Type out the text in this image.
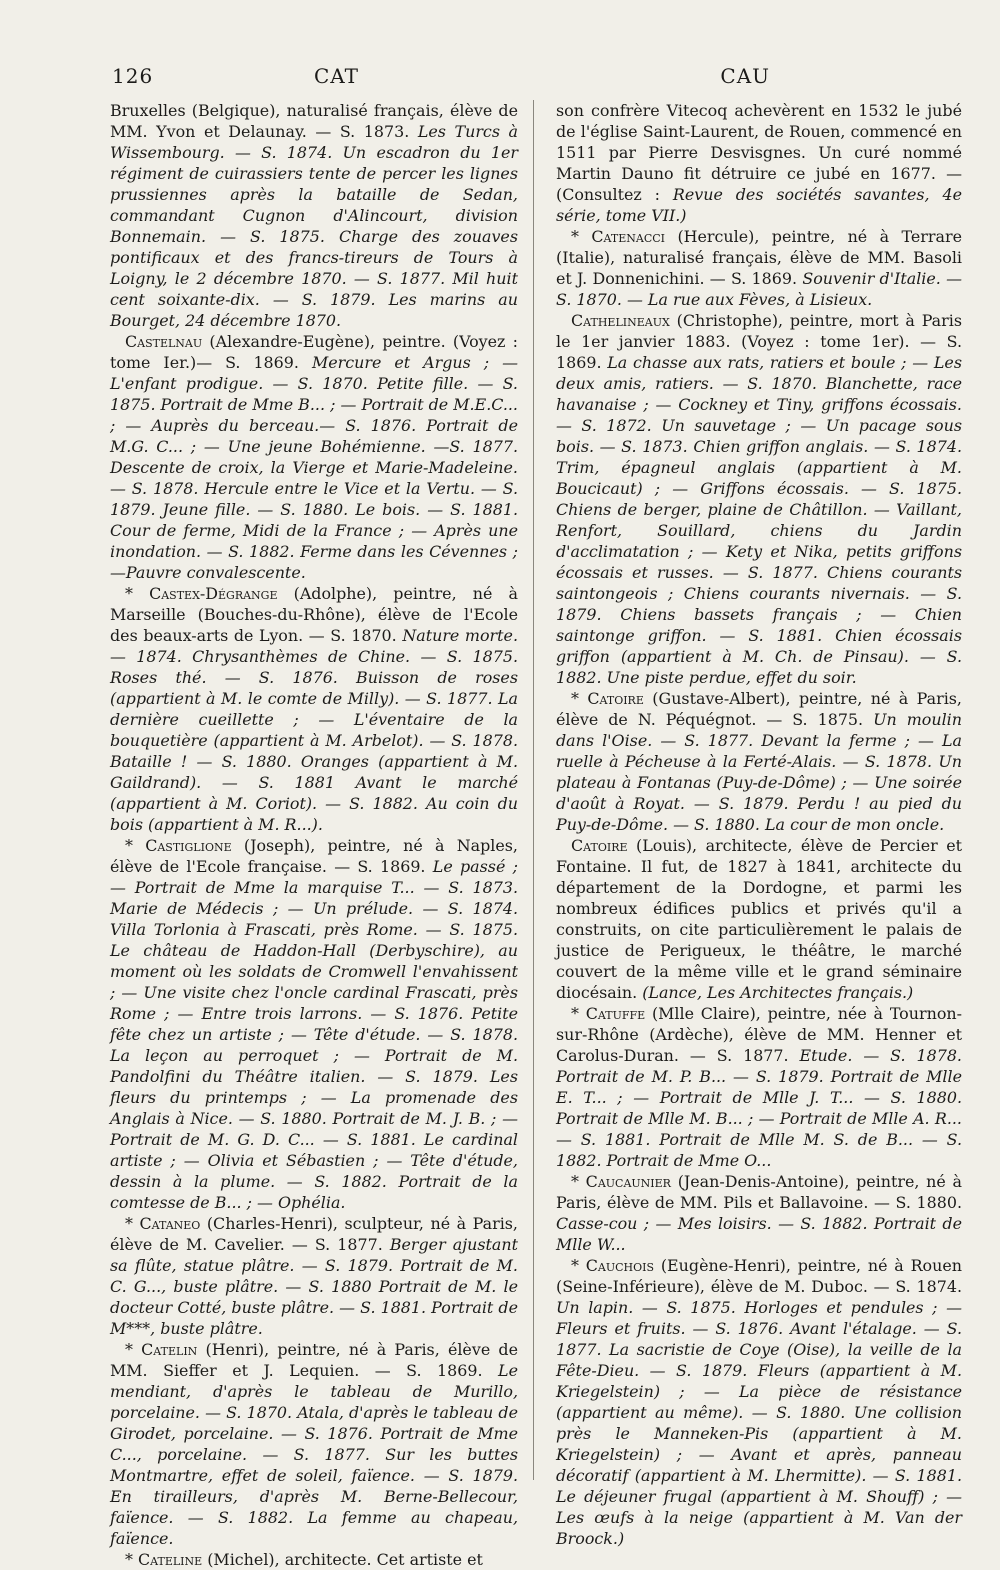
126	CAT	CAU

Bruxelles (Belgique), naturalisé français, élève de MM. Yvon et Delaunay. — S. 1873. Les Turcs à Wissembourg. — S. 1874. Un escadron du 1er régiment de cuirassiers tente de percer les lignes prussiennes après la bataille de Sedan, commandant Cugnon d'Alincourt, division Bonnemain. — S. 1875. Charge des zouaves pontificaux et des francs-tireurs de Tours à Loigny, le 2 décembre 1870. — S. 1877. Mil huit cent soixante-dix. — S. 1879. Les marins au Bourget, 24 décembre 1870.

Castelnau (Alexandre-Eugène), peintre. (Voyez : tome Ier.)— S. 1869. Mercure et Argus ; — L'enfant prodigue. — S. 1870. Petite fille. — S. 1875. Portrait de Mme B... ; — Portrait de M.E.C... ; — Auprès du berceau.— S. 1876. Portrait de M.G. C... ; — Une jeune Bohémienne. —S. 1877. Descente de croix, la Vierge et Marie-Madeleine. — S. 1878. Hercule entre le Vice et la Vertu. — S. 1879. Jeune fille. — S. 1880. Le bois. — S. 1881. Cour de ferme, Midi de la France ; — Après une inondation. — S. 1882. Ferme dans les Cévennes ; —Pauvre convalescente.

* Castex-Dégrange (Adolphe), peintre, né à Marseille (Bouches-du-Rhône), élève de l'Ecole des beaux-arts de Lyon. — S. 1870. Nature morte. — 1874. Chrysanthèmes de Chine. — S. 1875. Roses thé. — S. 1876. Buisson de roses (appartient à M. le comte de Milly). — S. 1877. La dernière cueillette ; — L'éventaire de la bouquetière (appartient à M. Arbelot). — S. 1878. Bataille ! — S. 1880. Oranges (appartient à M. Gaildrand). — S. 1881 Avant le marché (appartient à M. Coriot). — S. 1882. Au coin du bois (appartient à M. R...).

* Castiglione (Joseph), peintre, né à Naples, élève de l'Ecole française. — S. 1869. Le passé ; — Portrait de Mme la marquise T... — S. 1873. Marie de Médecis ; — Un prélude. — S. 1874. Villa Torlonia à Frascati, près Rome. — S. 1875. Le château de Haddon-Hall (Derbyschire), au moment où les soldats de Cromwell l'envahissent ; — Une visite chez l'oncle cardinal Frascati, près Rome ; — Entre trois larrons. — S. 1876. Petite fête chez un artiste ; — Tête d'étude. — S. 1878. La leçon au perroquet ; — Portrait de M. Pandolfini du Théâtre italien. — S. 1879. Les fleurs du printemps ; — La promenade des Anglais à Nice. — S. 1880. Portrait de M. J. B. ; — Portrait de M. G. D. C... — S. 1881. Le cardinal artiste ; — Olivia et Sébastien ; — Tête d'étude, dessin à la plume. — S. 1882. Portrait de la comtesse de B... ; — Ophélia.

* Cataneo (Charles-Henri), sculpteur, né à Paris, élève de M. Cavelier. — S. 1877. Berger ajustant sa flûte, statue plâtre. — S. 1879. Portrait de M. C. G..., buste plâtre. — S. 1880 Portrait de M. le docteur Cotté, buste plâtre. — S. 1881. Portrait de M***, buste plâtre.

* Catelin (Henri), peintre, né à Paris, élève de MM. Sieffer et J. Lequien. — S. 1869. Le mendiant, d'après le tableau de Murillo, porcelaine. — S. 1870. Atala, d'après le tableau de Girodet, porcelaine. — S. 1876. Portrait de Mme C..., porcelaine. — S. 1877. Sur les buttes Montmartre, effet de soleil, faïence. — S. 1879. En tirailleurs, d'après M. Berne-Bellecour, faïence. — S. 1882. La femme au chapeau, faïence.

* Cateline (Michel), architecte. Cet artiste et

son confrère Vitecoq achevèrent en 1532 le jubé de l'église Saint-Laurent, de Rouen, commencé en 1511 par Pierre Desvisgnes. Un curé nommé Martin Dauno fit détruire ce jubé en 1677. — (Consultez : Revue des sociétés savantes, 4e série, tome VII.)

* Catenacci (Hercule), peintre, né à Terrare (Italie), naturalisé français, élève de MM. Basoli et J. Donnenichini. — S. 1869. Souvenir d'Italie. — S. 1870. — La rue aux Fèves, à Lisieux.

Cathelineaux (Christophe), peintre, mort à Paris le 1er janvier 1883. (Voyez : tome 1er). — S. 1869. La chasse aux rats, ratiers et boule ; — Les deux amis, ratiers. — S. 1870. Blanchette, race havanaise ; — Cockney et Tiny, griffons écossais. — S. 1872. Un sauvetage ; — Un pacage sous bois. — S. 1873. Chien griffon anglais. — S. 1874. Trim, épagneul anglais (appartient à M. Boucicaut) ; — Griffons écossais. — S. 1875. Chiens de berger, plaine de Châtillon. — Vaillant, Renfort, Souillard, chiens du Jardin d'acclimatation ; — Kety et Nika, petits griffons écossais et russes. — S. 1877. Chiens courants saintongeois ; Chiens courants nivernais. — S. 1879. Chiens bassets français ; — Chien saintonge griffon. — S. 1881. Chien écossais griffon (appartient à M. Ch. de Pinsau). — S. 1882. Une piste perdue, effet du soir.

* Catoire (Gustave-Albert), peintre, né à Paris, élève de N. Péquégnot. — S. 1875. Un moulin dans l'Oise. — S. 1877. Devant la ferme ; — La ruelle à Pécheuse à la Ferté-Alais. — S. 1878. Un plateau à Fontanas (Puy-de-Dôme) ; — Une soirée d'août à Royat. — S. 1879. Perdu ! au pied du Puy-de-Dôme. — S. 1880. La cour de mon oncle.

Catoire (Louis), architecte, élève de Percier et Fontaine. Il fut, de 1827 à 1841, architecte du département de la Dordogne, et parmi les nombreux édifices publics et privés qu'il a construits, on cite particulièrement le palais de justice de Perigueux, le théâtre, le marché couvert de la même ville et le grand séminaire diocésain. (Lance, Les Architectes français.)

* Catuffe (Mlle Claire), peintre, née à Tournon-sur-Rhône (Ardèche), élève de MM. Henner et Carolus-Duran. — S. 1877. Etude. — S. 1878. Portrait de M. P. B... — S. 1879. Portrait de Mlle E. T... ; — Portrait de Mlle J. T... — S. 1880. Portrait de Mlle M. B... ; — Portrait de Mlle A. R... — S. 1881. Portrait de Mlle M. S. de B... — S. 1882. Portrait de Mme O...

* Caucaunier (Jean-Denis-Antoine), peintre, né à Paris, élève de MM. Pils et Ballavoine. — S. 1880. Casse-cou ; — Mes loisirs. — S. 1882. Portrait de Mlle W...

* Cauchois (Eugène-Henri), peintre, né à Rouen (Seine-Inférieure), élève de M. Duboc. — S. 1874. Un lapin. — S. 1875. Horloges et pendules ; —Fleurs et fruits. — S. 1876. Avant l'étalage. — S. 1877. La sacristie de Coye (Oise), la veille de la Fête-Dieu. — S. 1879. Fleurs (appartient à M. Kriegelstein) ; — La pièce de résistance (appartient au même). — S. 1880. Une collision près le Manneken-Pis (appartient à M. Kriegelstein) ; — Avant et après, panneau décoratif (appartient à M. Lhermitte). — S. 1881. Le déjeuner frugal (appartient à M. Shouff) ; — Les œufs à la neige (appartient à M. Van der Broock.)
